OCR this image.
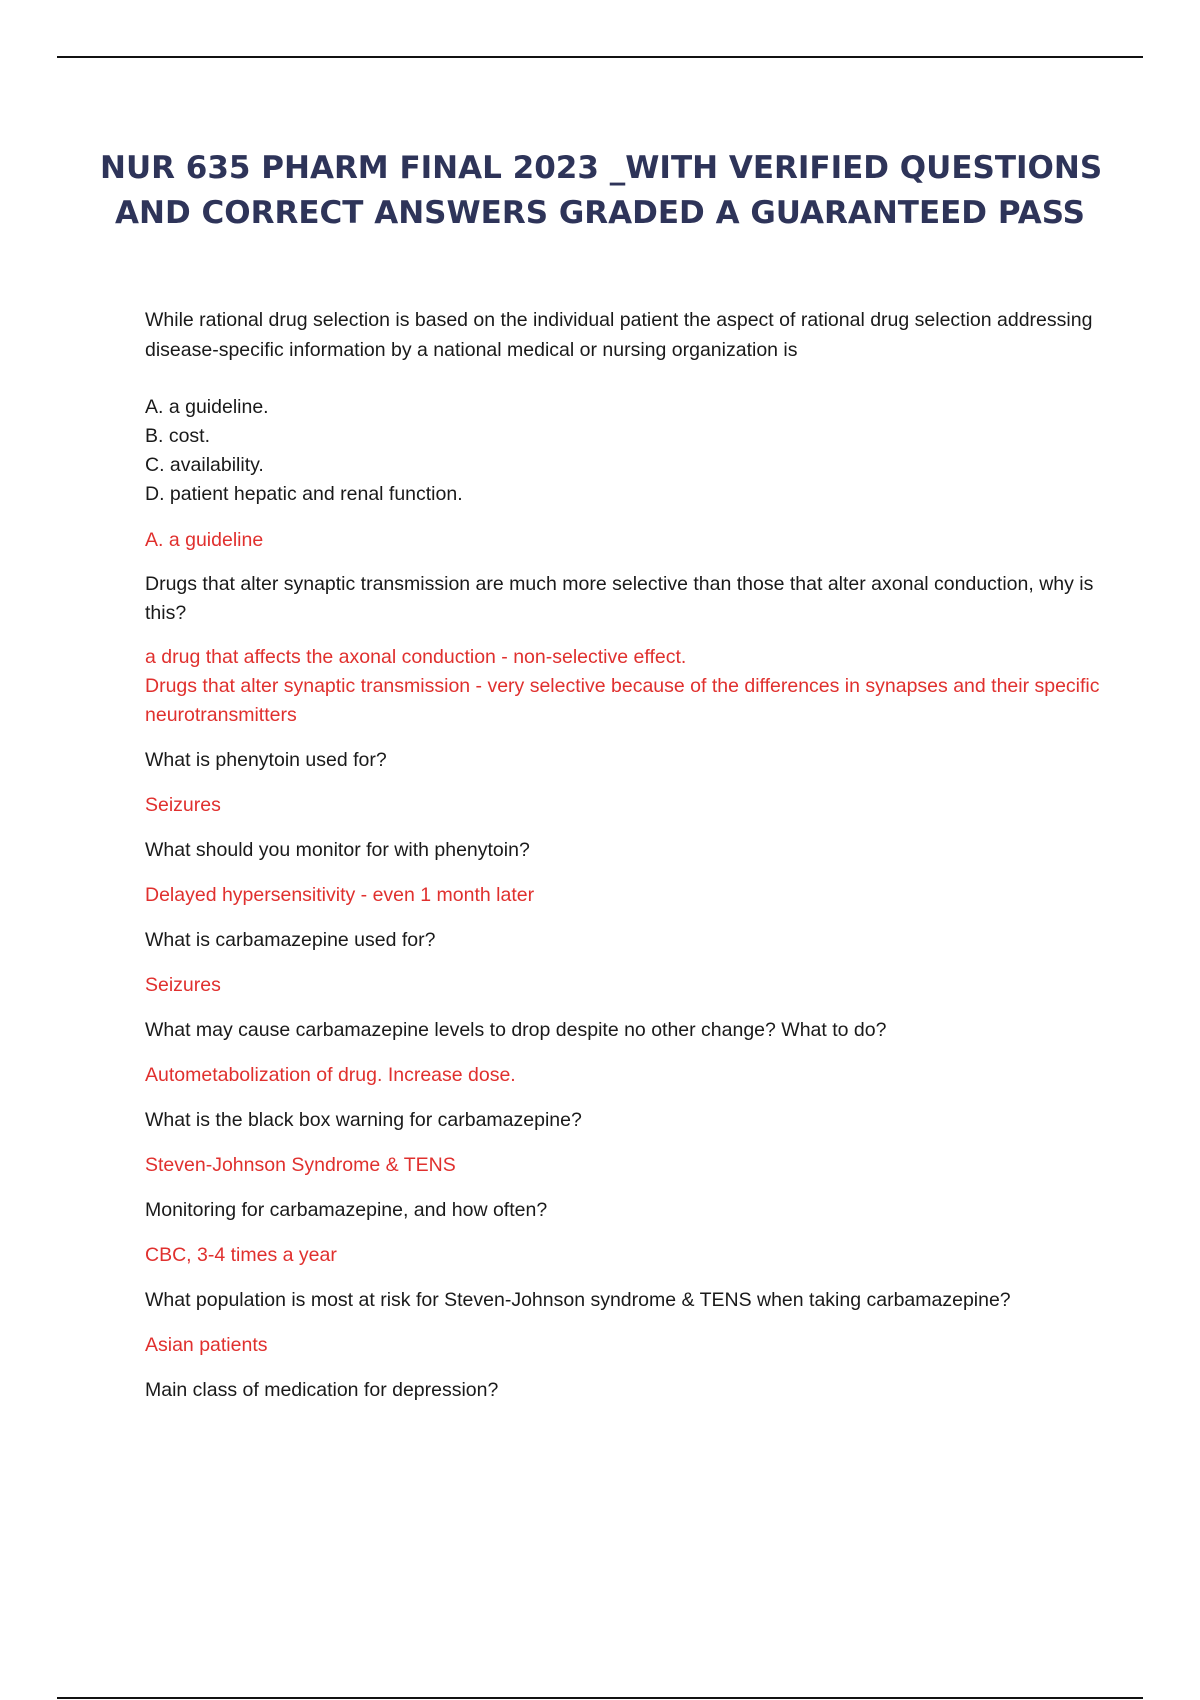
NUR 635 PHARM FINAL 2023 _WITH VERIFIED QUESTIONS
AND CORRECT ANSWERS GRADED A GUARANTEED PASS

While rational drug selection is based on the individual patient the aspect of rational drug selection addressing disease-specific information by a national medical or nursing organization is

A. a guideline.
B. cost.
C. availability.
D. patient hepatic and renal function.

A. a guideline

Drugs that alter synaptic transmission are much more selective than those that alter axonal conduction, why is this?

a drug that affects the axonal conduction - non-selective effect.

Drugs that alter synaptic transmission - very selective because of the differences in synapses and their specific neurotransmitters

What is phenytoin used for?

Seizures

What should you monitor for with phenytoin?

Delayed hypersensitivity - even 1 month later

What is carbamazepine used for?

Seizures

What may cause carbamazepine levels to drop despite no other change? What to do?

Autometabolization of drug. Increase dose.

What is the black box warning for carbamazepine?

Steven-Johnson Syndrome & TENS

Monitoring for carbamazepine, and how often?

CBC, 3-4 times a year

What population is most at risk for Steven-Johnson syndrome & TENS when taking carbamazepine?

Asian patients

Main class of medication for depression?
